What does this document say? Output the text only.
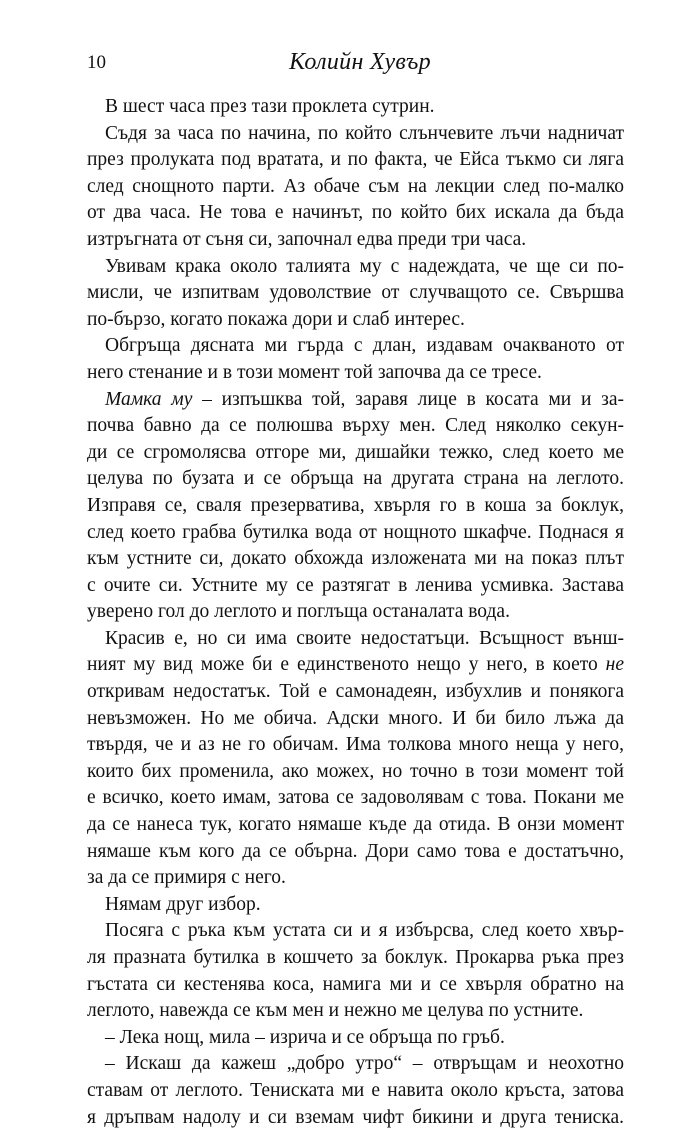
10	Колийн Хувър
В шест часа през тази проклета сутрин.
Съдя за часа по начина, по който слънчевите лъчи надничат
през пролуката под вратата, и по факта, че Ейса тъкмо си ляга
след снощното парти. Аз обаче съм на лекции след по-малко
от два часа. Не това е начинът, по който бих искала да бъда
изтръгната от съня си, започнал едва преди три часа.
Увивам крака около талията му с надеждата, че ще си по-
мисли, че изпитвам удоволствие от случващото се. Свършва
по-бързо, когато покажа дори и слаб интерес.
Обгръща дясната ми гърда с длан, издавам очакваното от
него стенание и в този момент той започва да се тресе.
Мамка му – изпъшква той, заравя лице в косата ми и за-
почва бавно да се полюшва върху мен. След няколко секун-
ди се сгромолясва отгоре ми, дишайки тежко, след което ме
целува по бузата и се обръща на другата страна на леглото.
Изправя се, сваля презервативa, хвърля го в коша за боклук,
след което грабва бутилка вода от нощното шкафче. Поднася я
към устните си, докато обхожда изложената ми на показ плът
с очите си. Устните му се разтягат в ленива усмивка. Застава
уверено гол до леглото и поглъща останалата вода.
Красив е, но си има своите недостатъци. Всъщност външ-
ният му вид може би е единственото нещо у него, в което не
откривам недостатък. Той е самонадеян, избухлив и понякога
невъзможен. Но ме обича. Адски много. И би било лъжа да
твърдя, че и аз не го обичам. Има толкова много неща у него,
които бих променила, ако можех, но точно в този момент той
е всичко, което имам, затова се задоволявам с това. Покани ме
да се нанеса тук, когато нямаше къде да отида. В онзи момент
нямаше към кого да се обърна. Дори само това е достатъчно,
за да се примиря с него.
Нямам друг избор.
Посяга с ръка към устата си и я избърсва, след което хвър-
ля празната бутилка в кошчето за боклук. Прокарва ръка през
гъстата си кестенява коса, намигa ми и се хвърля обратно на
леглото, навежда се към мен и нежно ме целува по устните.
– Лека нощ, мила – изрича и се обръща по гръб.
– Искаш да кажеш „добро утро“ – отвръщам и неохотно
ставам от леглото. Тениската ми е навита около кръста, затова
я дръпвам надолу и си вземам чифт бикини и друга тениска.
